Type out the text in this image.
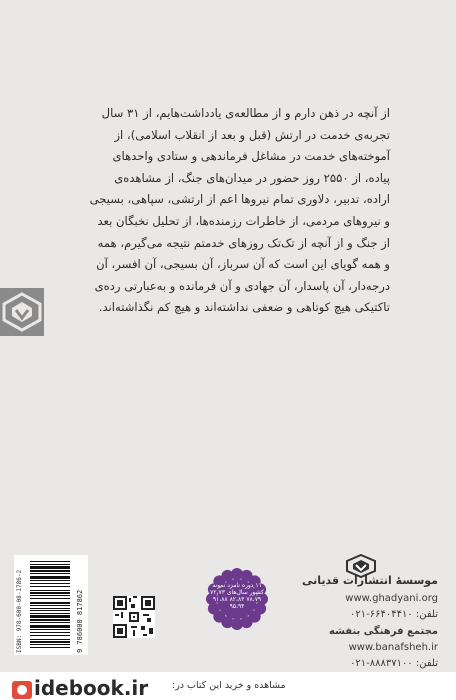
از آنچه در ذهن دارم و از مطالعه‌ی یادداشت‌هایم، از ۳۱ سال
تجربه‌ی خدمت در ارتش (قبل و بعد از انقلاب اسلامی)، از
آموخته‌های خدمت در مشاغل فرماندهی و ستادی واحدهای
پیاده، از ۲۵۵۰ روز حضور در میدان‌های جنگ، از مشاهده‌ی
اراده، تدبیر، دلاوری تمام نیروها اعم از ارتشی، سپاهی، بسیجی
و نیروهای مردمی، از خاطرات رزمنده‌ها، از تحلیل نخبگان بعد
از جنگ و از آنچه از تک‌تک روزهای خدمتم نتیجه می‌گیرم، همه
و همه گویای این است که آن سرباز، آن بسیجی، آن افسر، آن
درجه‌دار، آن پاسدار، آن جهادی و آن فرمانده و به‌عبارتی رده‌ی
تاکتیکی هیچ کوتاهی و ضعفی نداشته‌اند و هیچ کم نگذاشته‌اند.
موسسهٔ انتشارات قدیانی
www.ghadyani.org
تلفن: ۶۶۴۰۴۴۱۰-۰۲۱
مجتمع فرهنگی بنفشه
www.banafsheh.ir
تلفن: ۸۸۸۳۷۱۰۰-۰۲۱
ISBN: 978-600-08-1786-2	9 786000 817862
۱۱ دوره نامزد نمونه کشور سال‌های ۷۲،۷۳ ۷۸،۷۹ ۸۲،۸۳ ۹۱،۸۸ ۹۵،۹۴
idebook.ir	مشاهده و خرید این کتاب در:
